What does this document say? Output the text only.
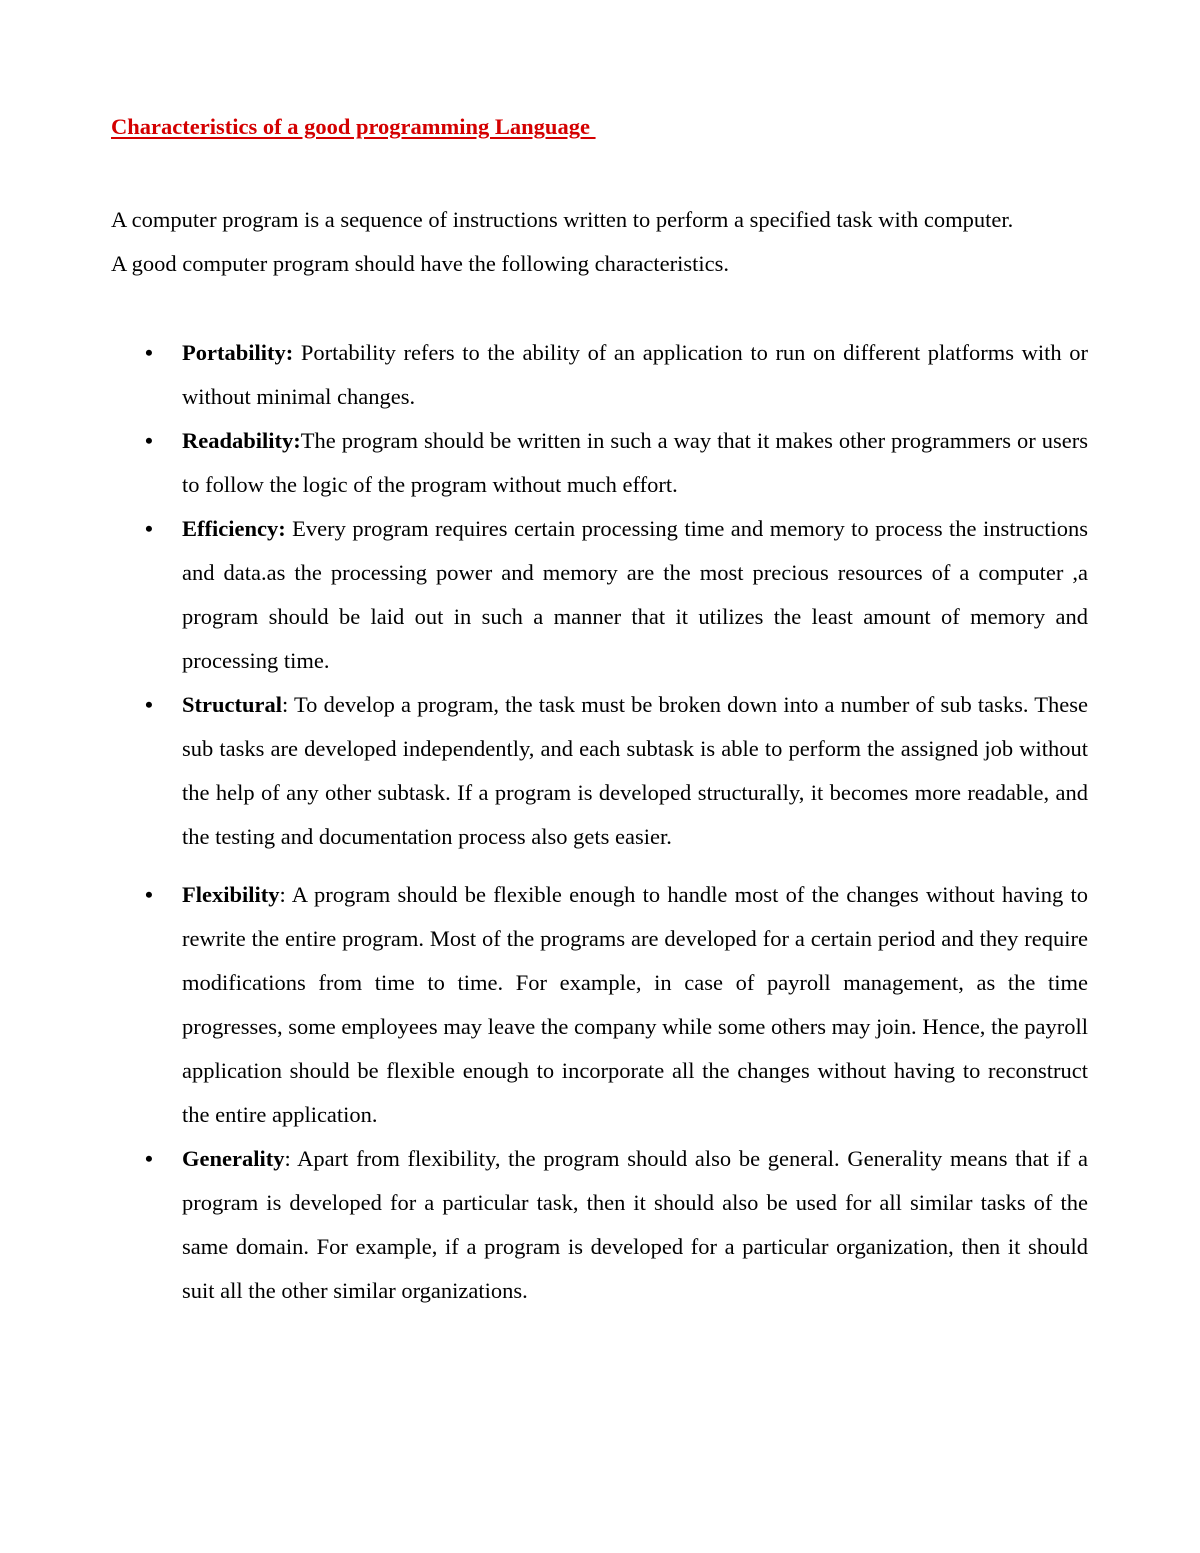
Characteristics of a good programming Language

A computer program is a sequence of instructions written to perform a specified task with computer.

A good computer program should have the following characteristics.

• Portability: Portability refers to the ability of an application to run on different platforms with or without minimal changes.
• Readability:The program should be written in such a way that it makes other programmers or users to follow the logic of the program without much effort.
• Efficiency: Every program requires certain processing time and memory to process the instructions and data.as the processing power and memory are the most precious resources of a computer ,a program should be laid out in such a manner that it utilizes the least amount of memory and processing time.
• Structural: To develop a program, the task must be broken down into a number of sub tasks. These sub tasks are developed independently, and each subtask is able to perform the assigned job without the help of any other subtask. If a program is developed structurally, it becomes more readable, and the testing and documentation process also gets easier.
• Flexibility: A program should be flexible enough to handle most of the changes without having to rewrite the entire program. Most of the programs are developed for a certain period and they require modifications from time to time. For example, in case of payroll management, as the time progresses, some employees may leave the company while some others may join. Hence, the payroll application should be flexible enough to incorporate all the changes without having to reconstruct the entire application.
• Generality: Apart from flexibility, the program should also be general. Generality means that if a program is developed for a particular task, then it should also be used for all similar tasks of the same domain. For example, if a program is developed for a particular organization, then it should suit all the other similar organizations.
